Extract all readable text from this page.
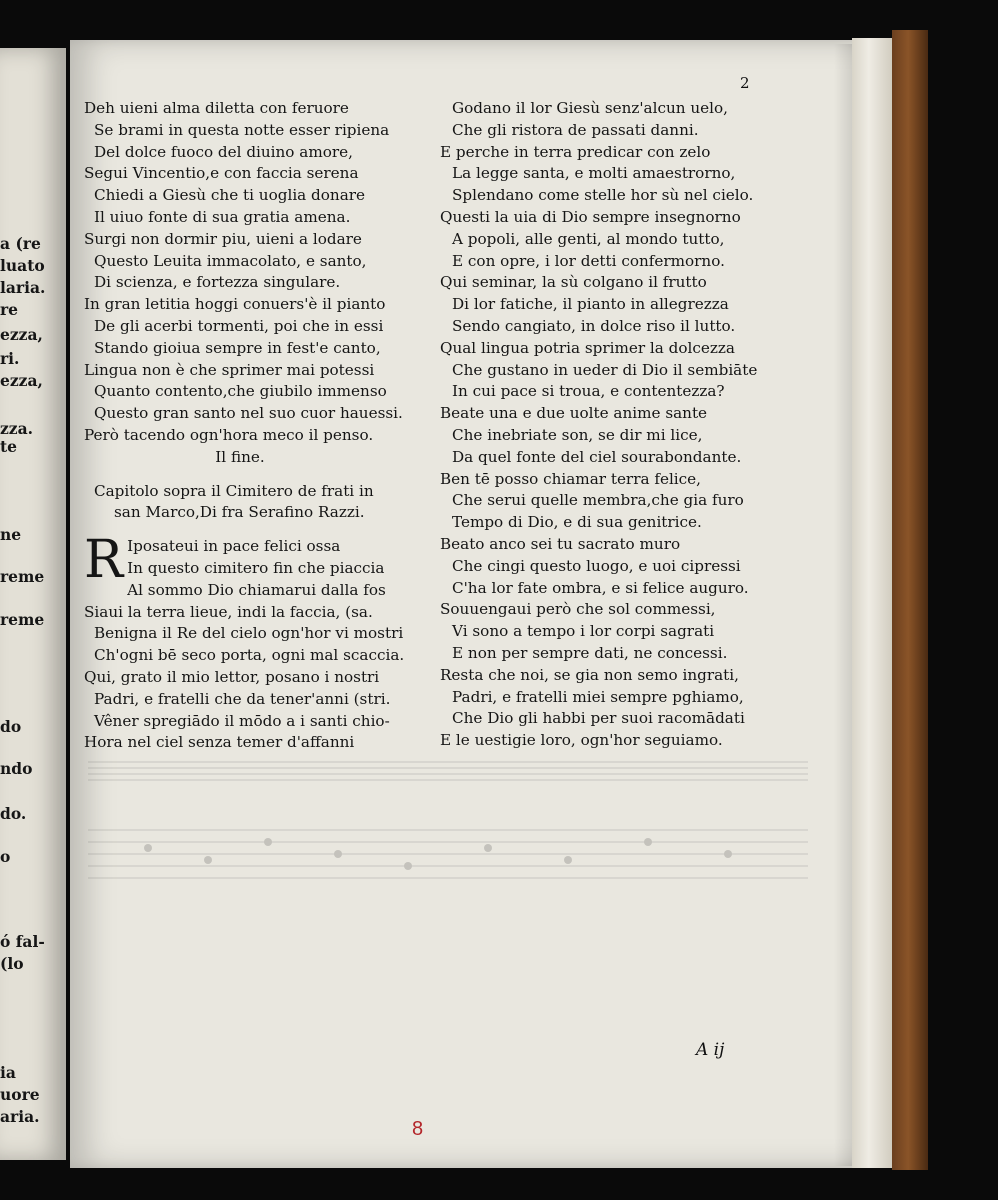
a (re
luato
laria.
re
ezza,
ri.
ezza,
zza.
te
ne
reme
reme
do
ndo
do.
o
ó fal-
(lo
ia
uore
aria.
2
Deh uieni alma diletta con feruore
Se brami in questa notte esser ripiena
Del dolce fuoco del diuino amore,
Segui Vincentio,e con faccia serena
Chiedi a Giesù che ti uoglia donare
Il uiuo fonte di sua gratia amena.
Surgi non dormir piu, uieni a lodare
Questo Leuita immacolato, e santo,
Di scienza, e fortezza singulare.
In gran letitia hoggi conuers'è il pianto
De gli acerbi tormenti, poi che in essi
Stando gioiua sempre in fest'e canto,
Lingua non è che sprimer mai potessi
Quanto contento,che giubilo immenso
Questo gran santo nel suo cuor hauessi.
Però tacendo ogn'hora meco il penso.
Il fine.
Capitolo sopra il Cimitero de frati in
san Marco,Di fra Serafino Razzi.
R Iposateui in pace felici ossa
In questo cimitero fin che piaccia
Al sommo Dio chiamarui dalla fos
Siaui la terra lieue, indi la faccia, (sa.
Benigna il Re del cielo ogn'hor vi mostri
Ch'ogni bē seco porta, ogni mal scaccia.
Qui, grato il mio lettor, posano i nostri
Padri, e fratelli che da tener'anni (stri.
Vêner spregiādo il mōdo a i santi chio-
Hora nel ciel senza temer d'affanni
Godano il lor Giesù senz'alcun uelo,
Che gli ristora de passati danni.
E perche in terra predicar con zelo
La legge santa, e molti amaestrorno,
Splendano come stelle hor sù nel cielo.
Questi la uia di Dio sempre insegnorno
A popoli, alle genti, al mondo tutto,
E con opre, i lor detti confermorno.
Qui seminar, la sù colgano il frutto
Di lor fatiche, il pianto in allegrezza
Sendo cangiato, in dolce riso il lutto.
Qual lingua potria sprimer la dolcezza
Che gustano in ueder di Dio il sembiāte
In cui pace si troua, e contentezza?
Beate una e due uolte anime sante
Che inebriate son, se dir mi lice,
Da quel fonte del ciel sourabondante.
Ben tē posso chiamar terra felice,
Che serui quelle membra,che gia furo
Tempo di Dio, e di sua genitrice.
Beato anco sei tu sacrato muro
Che cingi questo luogo, e uoi cipressi
C'ha lor fate ombra, e si felice auguro.
Souuengaui però che sol commessi,
Vi sono a tempo i lor corpi sagrati
E non per sempre dati, ne concessi.
Resta che noi, se gia non semo ingrati,
Padri, e fratelli miei sempre pghiamo,
Che Dio gli habbi per suoi racomādati
E le uestigie loro, ogn'hor seguiamo.
A ij
8
